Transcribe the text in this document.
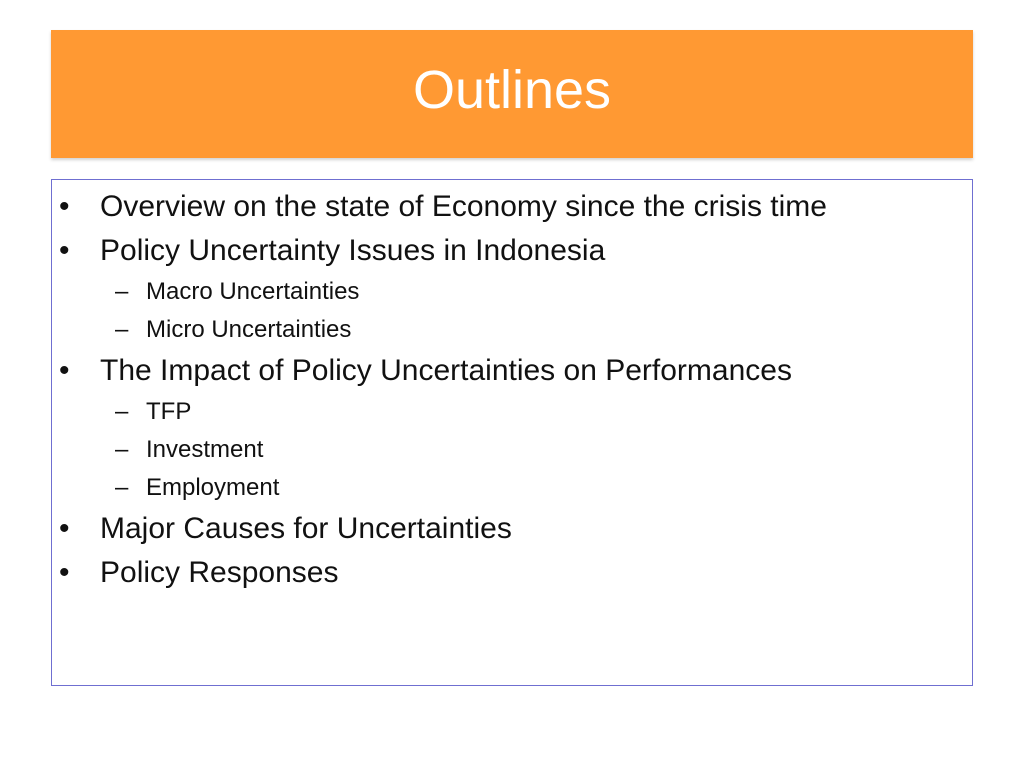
Outlines
• Overview on the state of Economy since the crisis time
• Policy Uncertainty Issues in Indonesia
– Macro Uncertainties
– Micro Uncertainties
• The Impact of Policy Uncertainties on Performances
– TFP
– Investment
– Employment
• Major Causes for Uncertainties
• Policy Responses
